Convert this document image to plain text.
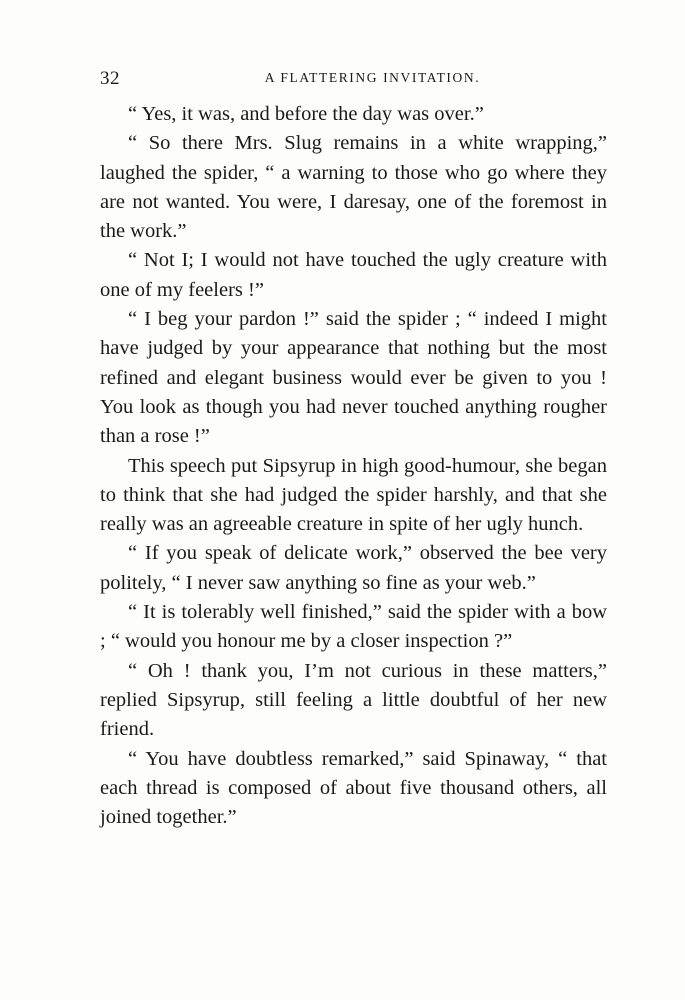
32	A FLATTERING INVITATION.

“ Yes, it was, and before the day was over.”

“ So there Mrs. Slug remains in a white wrapping,” laughed the spider, “ a warning to those who go where they are not wanted. You were, I daresay, one of the foremost in the work.”

“ Not I; I would not have touched the ugly creature with one of my feelers !”

“ I beg your pardon !” said the spider ; “ indeed I might have judged by your appearance that nothing but the most refined and elegant business would ever be given to you ! You look as though you had never touched anything rougher than a rose !”

This speech put Sipsyrup in high good-humour, she began to think that she had judged the spider harshly, and that she really was an agreeable creature in spite of her ugly hunch.

“ If you speak of delicate work,” observed the bee very politely, “ I never saw anything so fine as your web.”

“ It is tolerably well finished,” said the spider with a bow ; “ would you honour me by a closer inspection ?”

“ Oh ! thank you, I’m not curious in these matters,” replied Sipsyrup, still feeling a little doubtful of her new friend.

“ You have doubtless remarked,” said Spinaway, “ that each thread is composed of about five thousand others, all joined together.”
